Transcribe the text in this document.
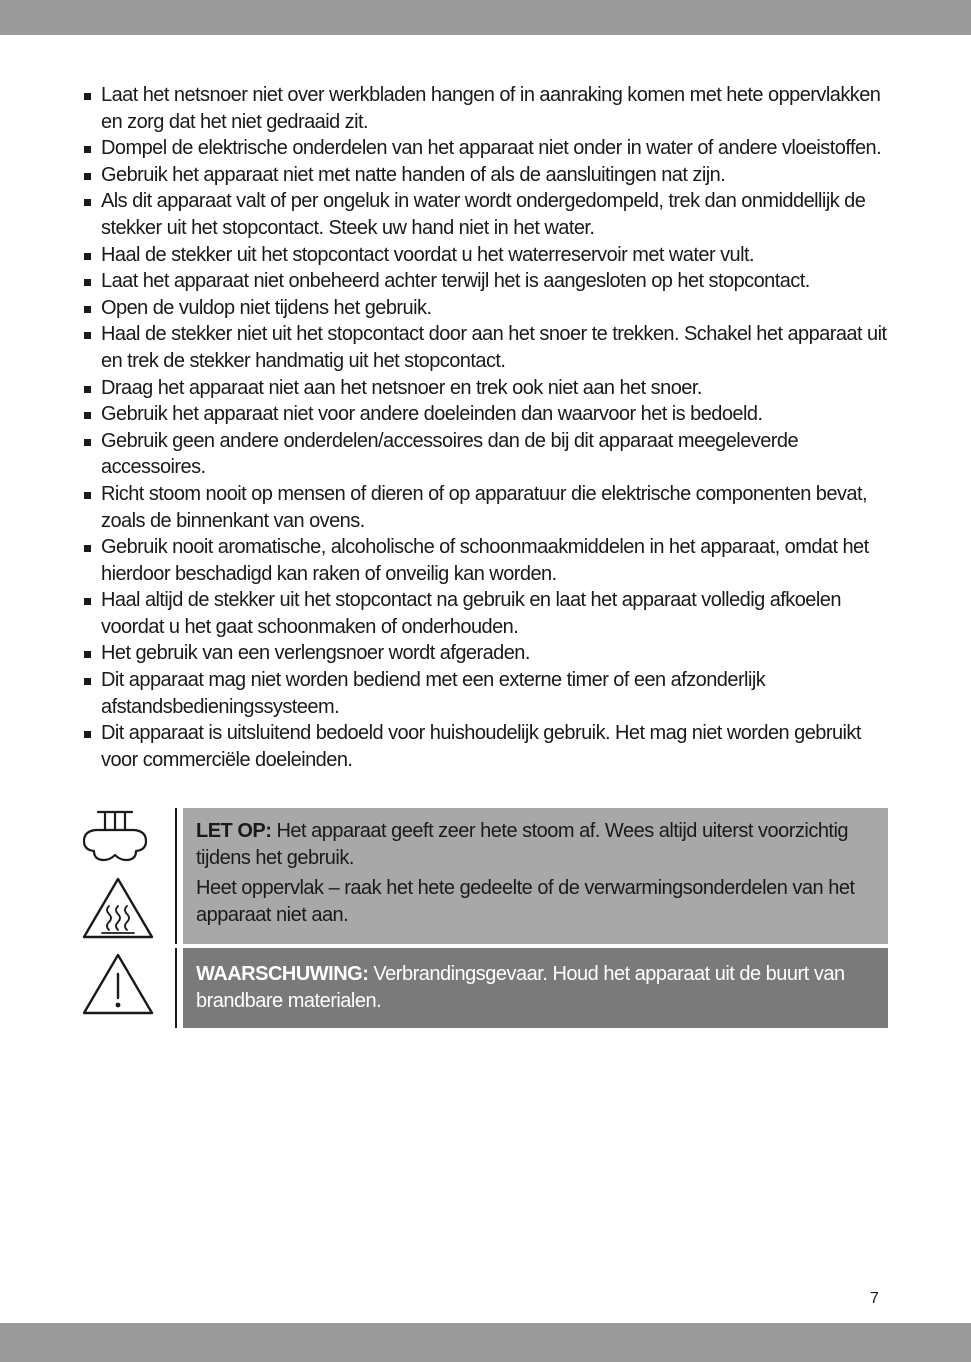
Laat het netsnoer niet over werkbladen hangen of in aanraking komen met hete oppervlakken en zorg dat het niet gedraaid zit.
Dompel de elektrische onderdelen van het apparaat niet onder in water of andere vloeistoffen.
Gebruik het apparaat niet met natte handen of als de aansluitingen nat zijn.
Als dit apparaat valt of per ongeluk in water wordt ondergedompeld, trek dan onmiddellijk de stekker uit het stopcontact. Steek uw hand niet in het water.
Haal de stekker uit het stopcontact voordat u het waterreservoir met water vult.
Laat het apparaat niet onbeheerd achter terwijl het is aangesloten op het stopcontact.
Open de vuldop niet tijdens het gebruik.
Haal de stekker niet uit het stopcontact door aan het snoer te trekken. Schakel het apparaat uit en trek de stekker handmatig uit het stopcontact.
Draag het apparaat niet aan het netsnoer en trek ook niet aan het snoer.
Gebruik het apparaat niet voor andere doeleinden dan waarvoor het is bedoeld.
Gebruik geen andere onderdelen/accessoires dan de bij dit apparaat meegeleverde accessoires.
Richt stoom nooit op mensen of dieren of op apparatuur die elektrische componenten bevat, zoals de binnenkant van ovens.
Gebruik nooit aromatische, alcoholische of schoonmaakmiddelen in het apparaat, omdat het hierdoor beschadigd kan raken of onveilig kan worden.
Haal altijd de stekker uit het stopcontact na gebruik en laat het apparaat volledig afkoelen voordat u het gaat schoonmaken of onderhouden.
Het gebruik van een verlengsnoer wordt afgeraden.
Dit apparaat mag niet worden bediend met een externe timer of een afzonderlijk afstandsbedieningssysteem.
Dit apparaat is uitsluitend bedoeld voor huishoudelijk gebruik. Het mag niet worden gebruikt voor commerciële doeleinden.

LET OP: Het apparaat geeft zeer hete stoom af. Wees altijd uiterst voorzichtig tijdens het gebruik.

Heet oppervlak – raak het hete gedeelte of de verwarmingsonderdelen van het apparaat niet aan.

WAARSCHUWING: Verbrandingsgevaar. Houd het apparaat uit de buurt van brandbare materialen.
7
